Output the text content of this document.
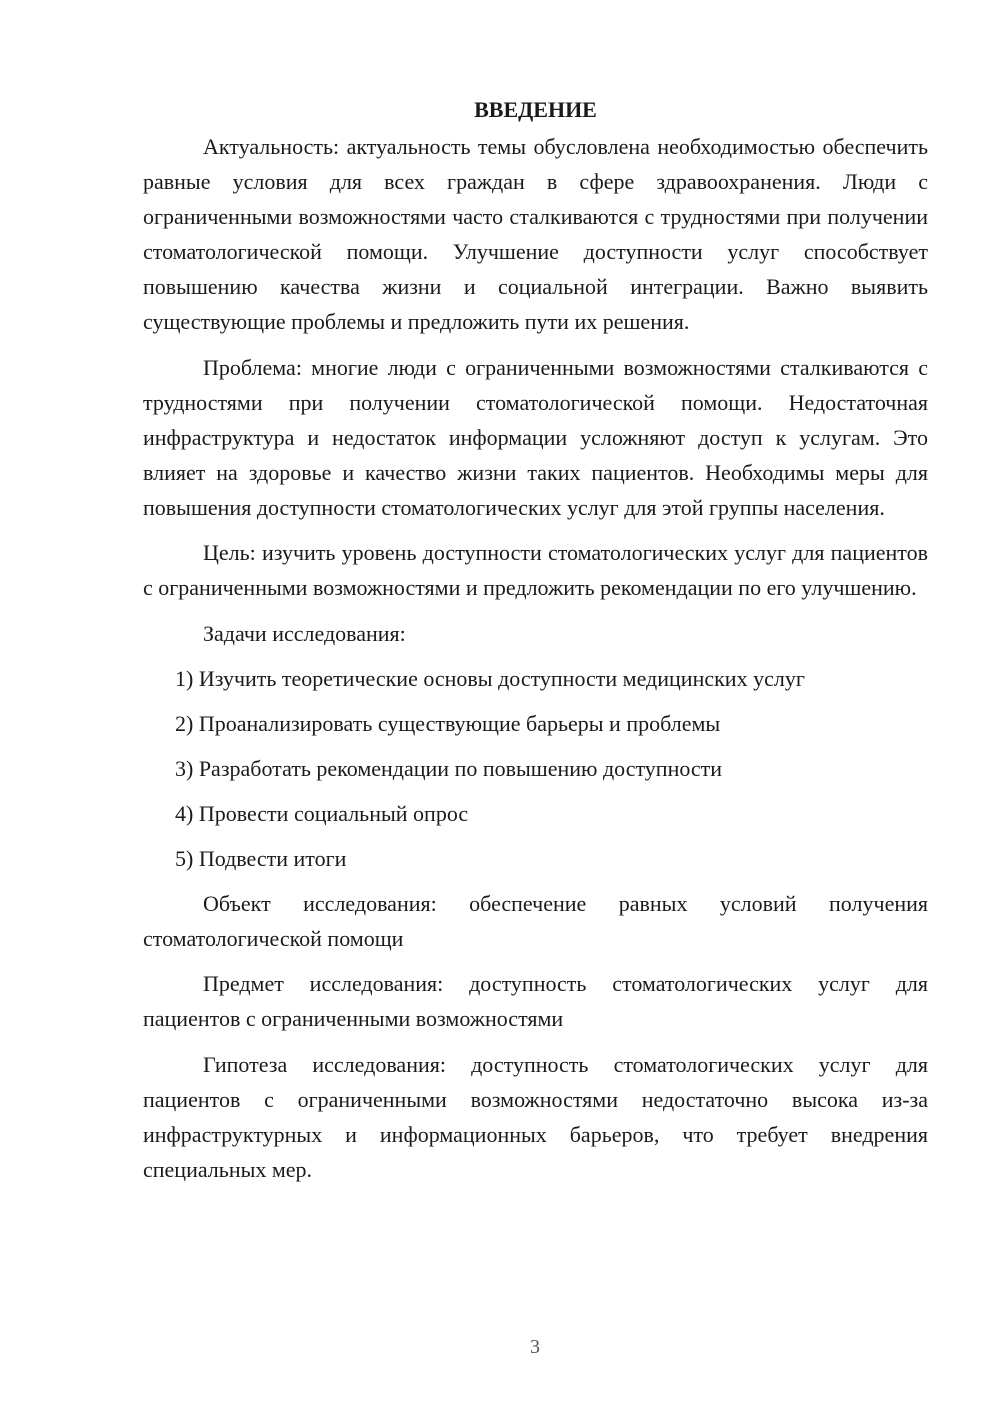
ВВЕДЕНИЕ

Актуальность: актуальность темы обусловлена необходимостью обеспечить равные условия для всех граждан в сфере здравоохранения. Люди с ограниченными возможностями часто сталкиваются с трудностями при получении стоматологической помощи. Улучшение доступности услуг способствует повышению качества жизни и социальной интеграции. Важно выявить существующие проблемы и предложить пути их решения.

Проблема: многие люди с ограниченными возможностями сталкиваются с трудностями при получении стоматологической помощи. Недостаточная инфраструктура и недостаток информации усложняют доступ к услугам. Это влияет на здоровье и качество жизни таких пациентов. Необходимы меры для повышения доступности стоматологических услуг для этой группы населения.

Цель: изучить уровень доступности стоматологических услуг для пациентов с ограниченными возможностями и предложить рекомендации по его улучшению.

Задачи исследования:

1) Изучить теоретические основы доступности медицинских услуг
2) Проанализировать существующие барьеры и проблемы
3) Разработать рекомендации по повышению доступности
4) Провести социальный опрос
5) Подвести итоги

Объект исследования: обеспечение равных условий получения стоматологической помощи

Предмет исследования: доступность стоматологических услуг для пациентов с ограниченными возможностями

Гипотеза исследования: доступность стоматологических услуг для пациентов с ограниченными возможностями недостаточно высока из-за инфраструктурных и информационных барьеров, что требует внедрения специальных мер.

3
